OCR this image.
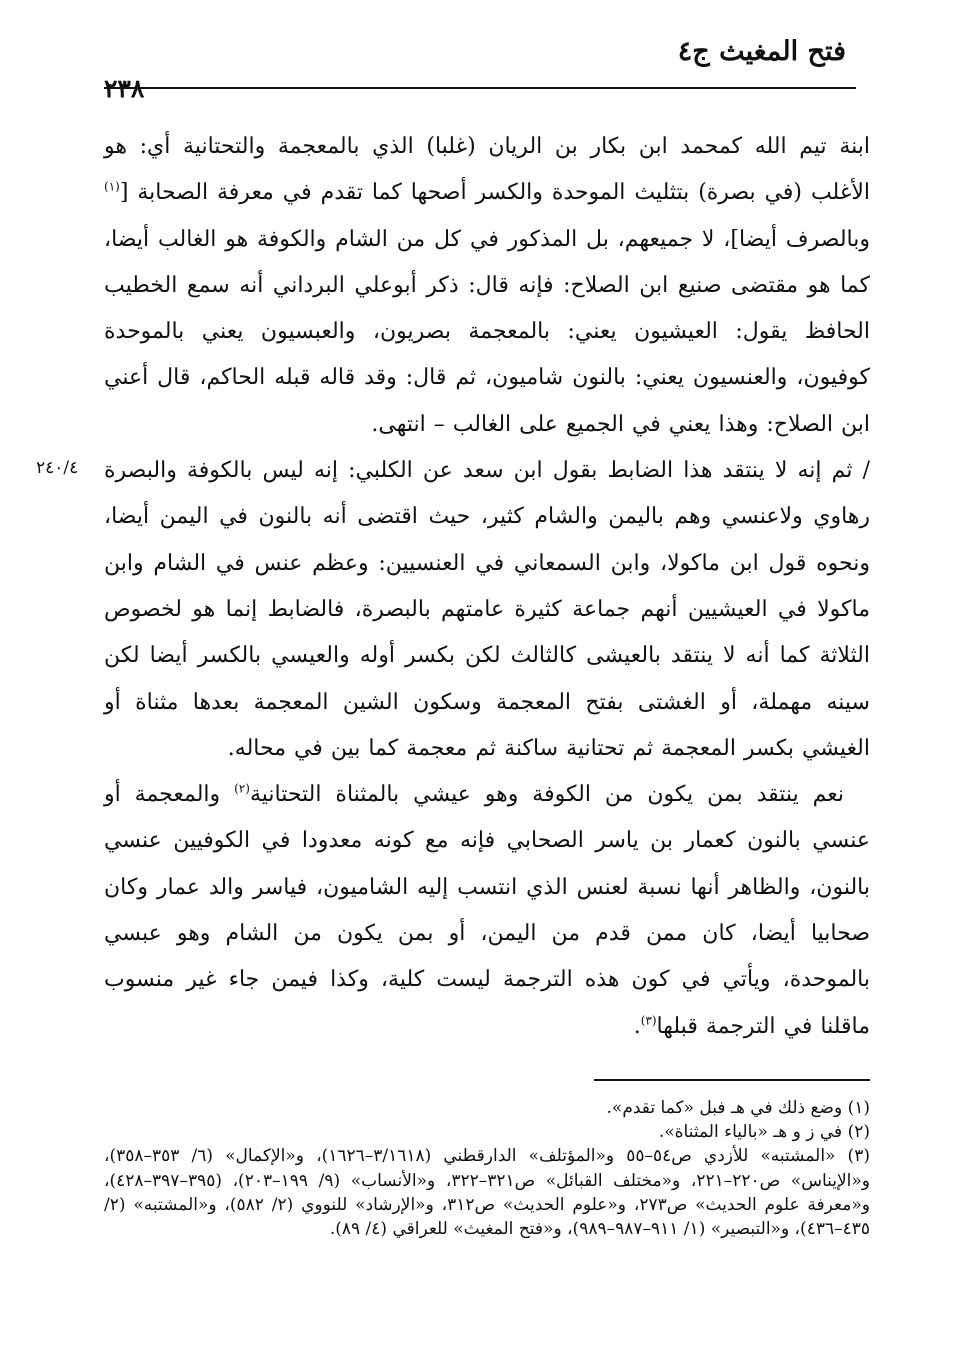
فتح المغيث ج٤
٢٣٨
٢٤٠/٤

ابنة تيم الله كمحمد ابن بكار بن الريان (غلبا) الذي بالمعجمة والتحتانية أي: هو الأغلب (في بصرة) بتثليث الموحدة والكسر أصحها كما تقدم في معرفة الصحابة [$^{(١)}$ وبالصرف أيضا]، لا جميعهم، بل المذكور في كل من الشام والكوفة هو الغالب أيضا، كما هو مقتضى صنيع ابن الصلاح: فإنه قال: ذكر أبوعلي البرداني أنه سمع الخطيب الحافظ يقول: العيشيون يعني: بالمعجمة بصريون، والعبسيون يعني بالموحدة كوفيون، والعنسيون يعني: بالنون شاميون، ثم قال: وقد قاله قبله الحاكم، قال أعني ابن الصلاح: وهذا يعني في الجميع على الغالب – انتهى.

/ ثم إنه لا ينتقد هذا الضابط بقول ابن سعد عن الكلبي: إنه ليس بالكوفة والبصرة رهاوي ولاعنسي وهم باليمن والشام كثير، حيث اقتضى أنه بالنون في اليمن أيضا، ونحوه قول ابن ماكولا، وابن السمعاني في العنسيين: وعظم عنس في الشام وابن ماكولا في العيشيين أنهم جماعة كثيرة عامتهم بالبصرة، فالضابط إنما هو لخصوص الثلاثة كما أنه لا ينتقد بالعيشى كالثالث لكن بكسر أوله والعيسي بالكسر أيضا لكن سينه مهملة، أو الغشتى بفتح المعجمة وسكون الشين المعجمة بعدها مثناة أو الغيشي بكسر المعجمة ثم تحتانية ساكنة ثم معجمة كما بين في محاله.

نعم ينتقد بمن يكون من الكوفة وهو عيشي بالمثناة التحتانية$^{(٢)}$ والمعجمة أو عنسي بالنون كعمار بن ياسر الصحابي فإنه مع كونه معدودا في الكوفيين عنسي بالنون، والظاهر أنها نسبة لعنس الذي انتسب إليه الشاميون، فياسر والد عمار وكان صحابيا أيضا، كان ممن قدم من اليمن، أو بمن يكون من الشام وهو عبسي بالموحدة، ويأتي في كون هذه الترجمة ليست كلية، وكذا فيمن جاء غير منسوب ماقلنا في الترجمة قبلها$^{(٣)}$.

(١) وضع ذلك في هـ فبل «كما تقدم».

(٢) في ز و هـ «بالياء المثناة».

(٣) «المشتبه» للأزدي ص٥٤–٥٥ و«المؤتلف» الدارقطني (٣/١٦١٨–١٦٢٦)، و«الإكمال» (٦/ ٣٥٣–٣٥٨)، و«الإيناس» ص٢٢٠–٢٢١، و«مختلف القبائل» ص٣٢١–٣٢٢، و«الأنساب» (٩/ ١٩٩–٢٠٣)، (٣٩٥–٣٩٧–٤٢٨)، و«معرفة علوم الحديث» ص٢٧٣، و«علوم الحديث» ص٣١٢، و«الإرشاد» للنووي (٢/ ٥٨٢)، و«المشتبه» (٢/ ٤٣٥–٤٣٦)، و«التبصير» (١/ ٩١١–٩٨٧–٩٨٩)، و«فتح المغيث» للعراقي (٤/ ٨٩).
